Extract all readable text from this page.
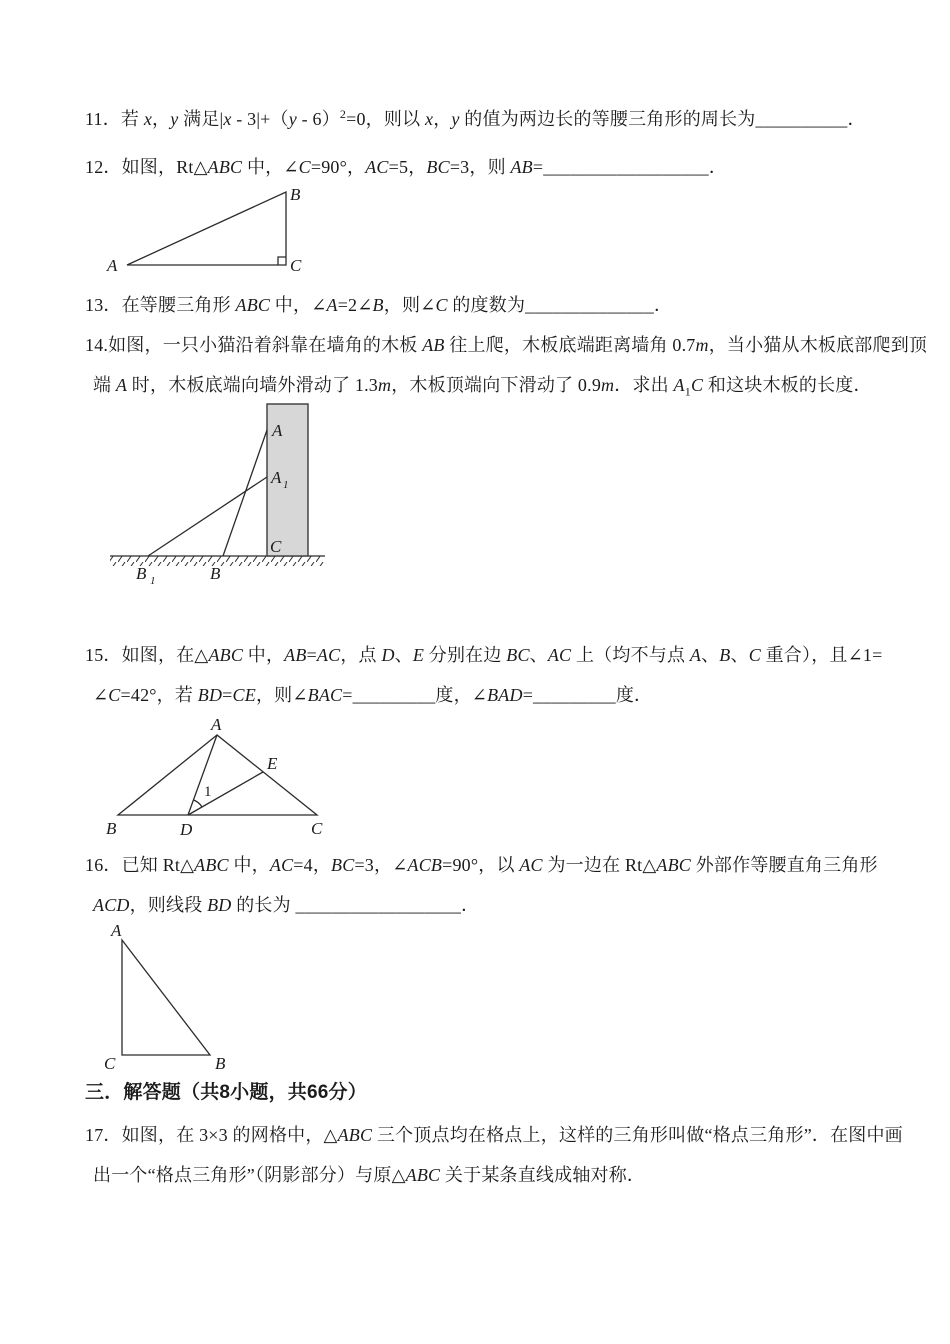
11．若 x，y 满足|x - 3|+（y - 6）$^2$=0，则以 x，y 的值为两边长的等腰三角形的周长为__________．
12．如图，Rt△ABC 中，∠C=90°，AC=5，BC=3，则 AB=__________________．
13．在等腰三角形 ABC 中，∠A=2∠B，则∠C 的度数为______________．
14.如图，一只小猫沿着斜靠在墙角的木板 AB 往上爬，木板底端距离墙角 0.7m，当小猫从木板底部爬到顶
端 A 时，木板底端向墙外滑动了 1.3m，木板顶端向下滑动了 0.9m．求出 $A_1C$ 和这块木板的长度．
15．如图，在△ABC 中，AB=AC，点 D、E 分别在边 BC、AC 上（均不与点 A、B、C 重合），且∠1=
∠C=42°，若 BD=CE，则∠BAC=_________度，∠BAD=_________度．
16．已知 Rt△ABC 中，AC=4，BC=3，∠ACB=90°，以 AC 为一边在 Rt△ABC 外部作等腰直角三角形
ACD，则线段 BD 的长为 __________________．
三．解答题（共8小题，共66分）
17．如图，在 3×3 的网格中，△ABC 三个顶点均在格点上，这样的三角形叫做“格点三角形”．在图中画
出一个“格点三角形”（阴影部分）与原△ABC 关于某条直线成轴对称．
A
B
C
A
A 1
C
B 1	B
A
B	D	C
E
1
A
C	B
